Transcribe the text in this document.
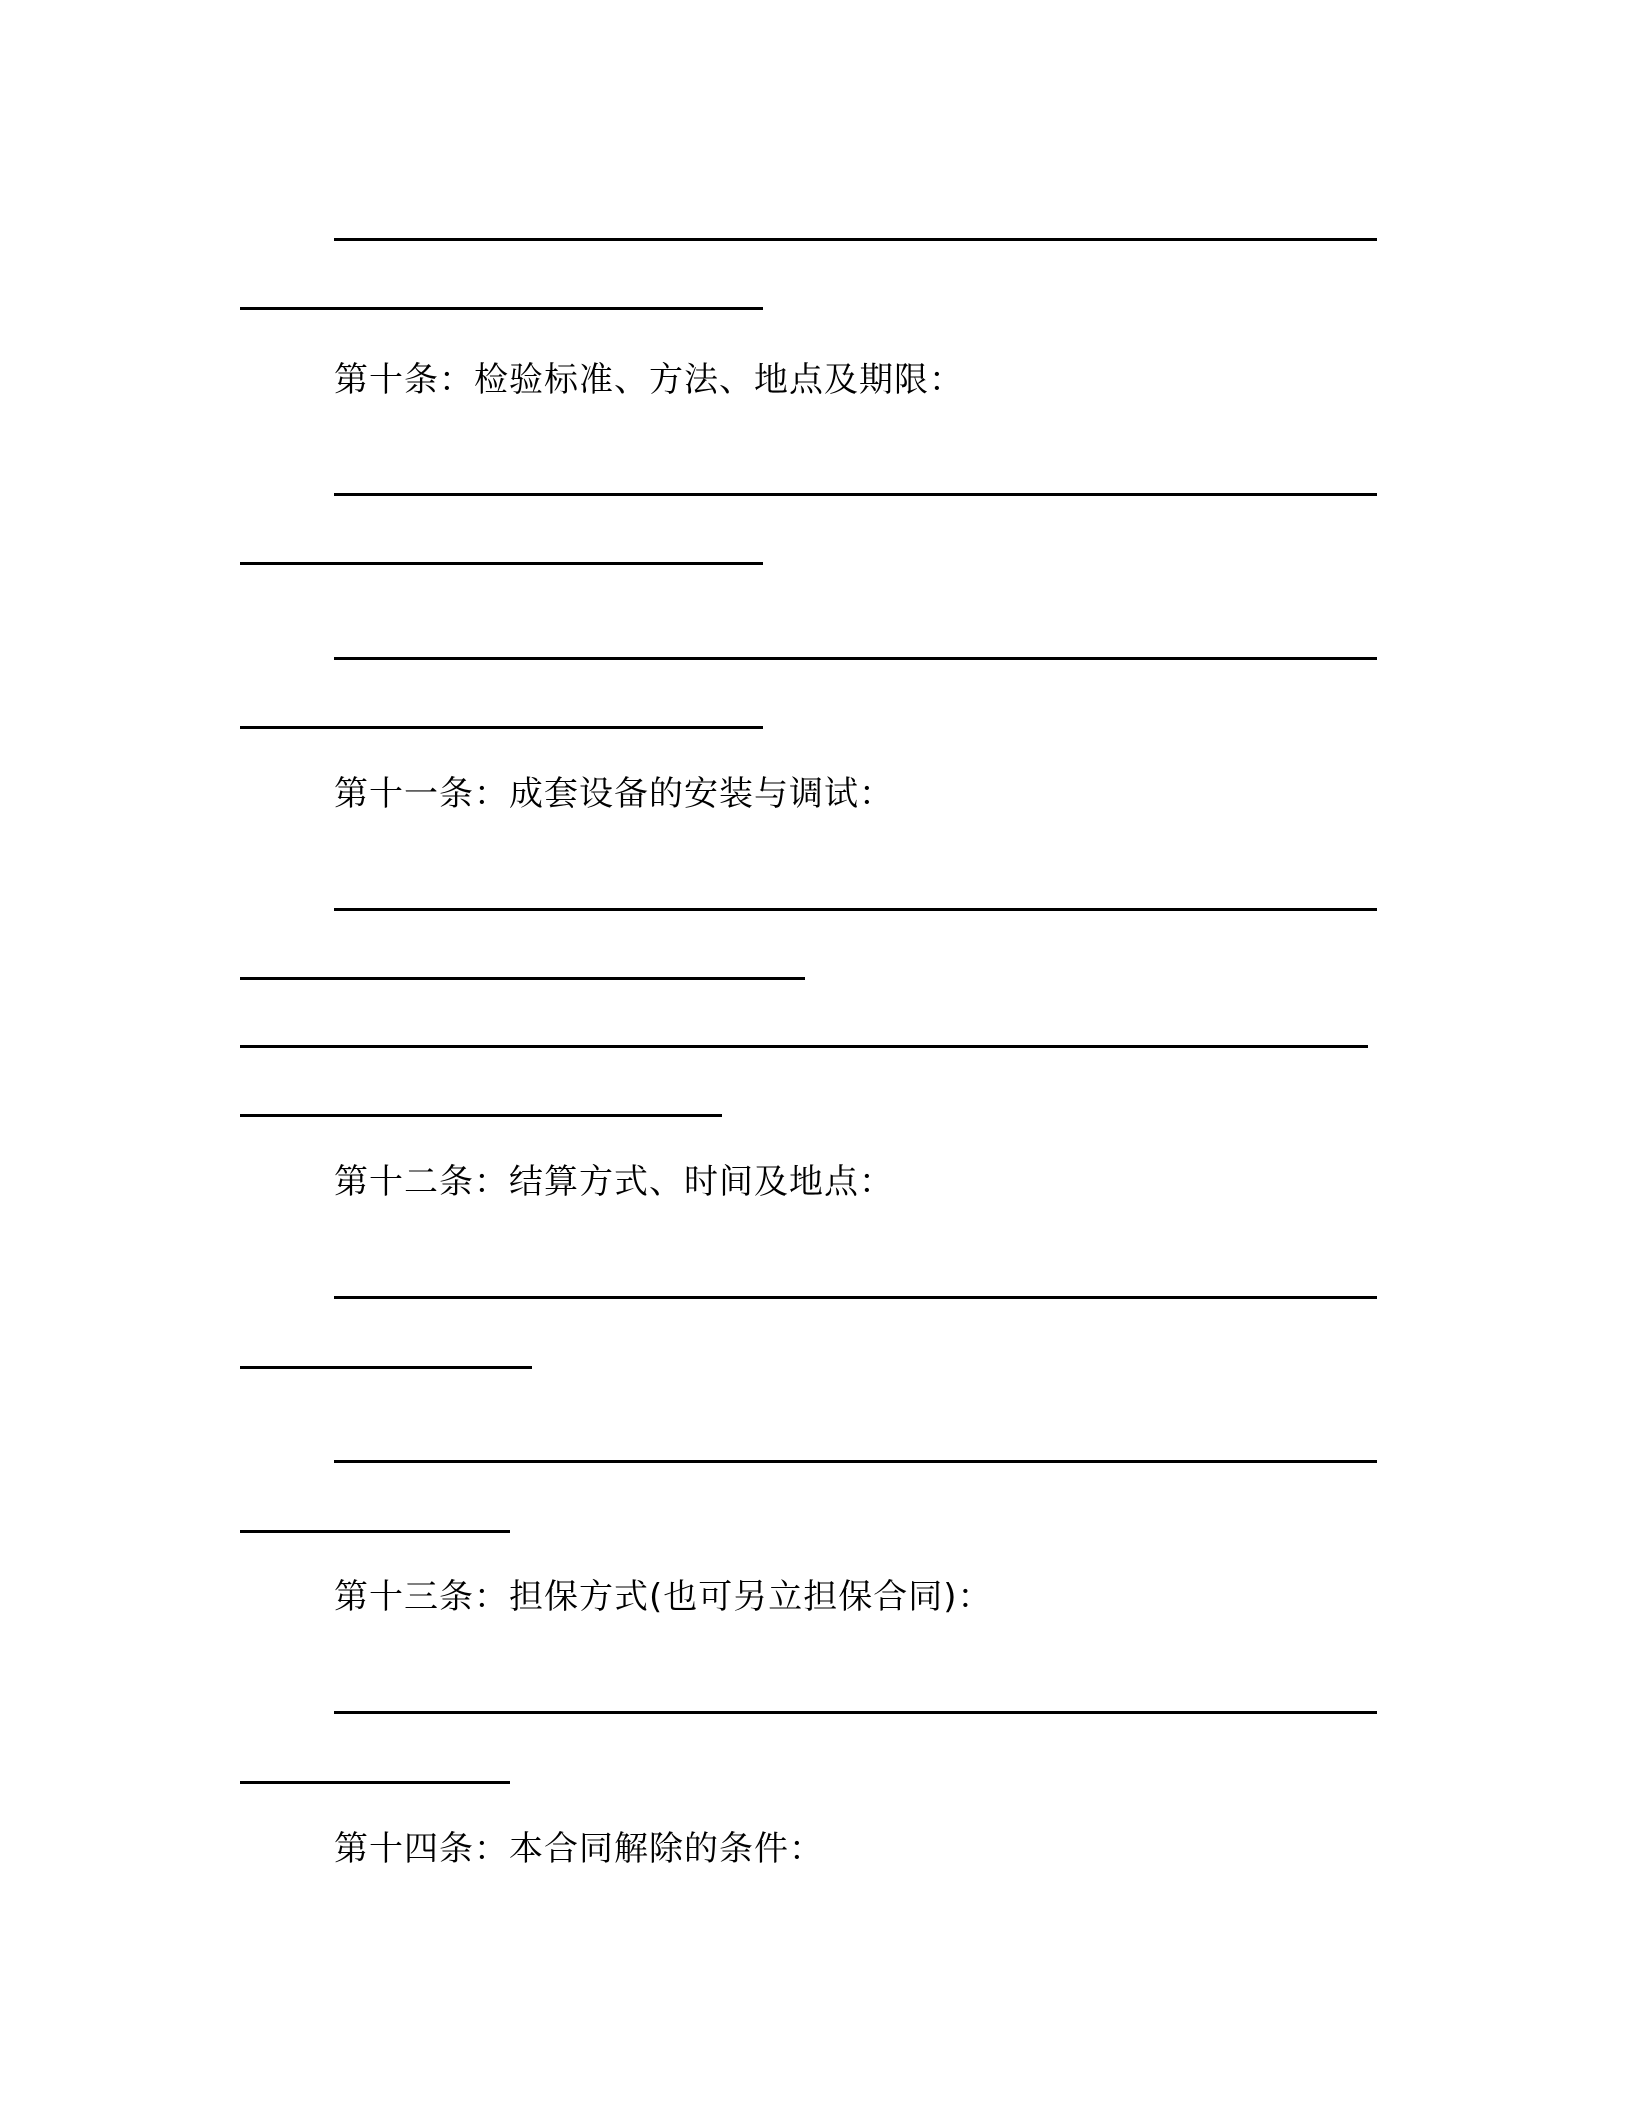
第十条：检验标准、方法、地点及期限：
第十一条：成套设备的安装与调试：
第十二条：结算方式、时间及地点：
第十三条：担保方式(也可另立担保合同)：
第十四条：本合同解除的条件：
